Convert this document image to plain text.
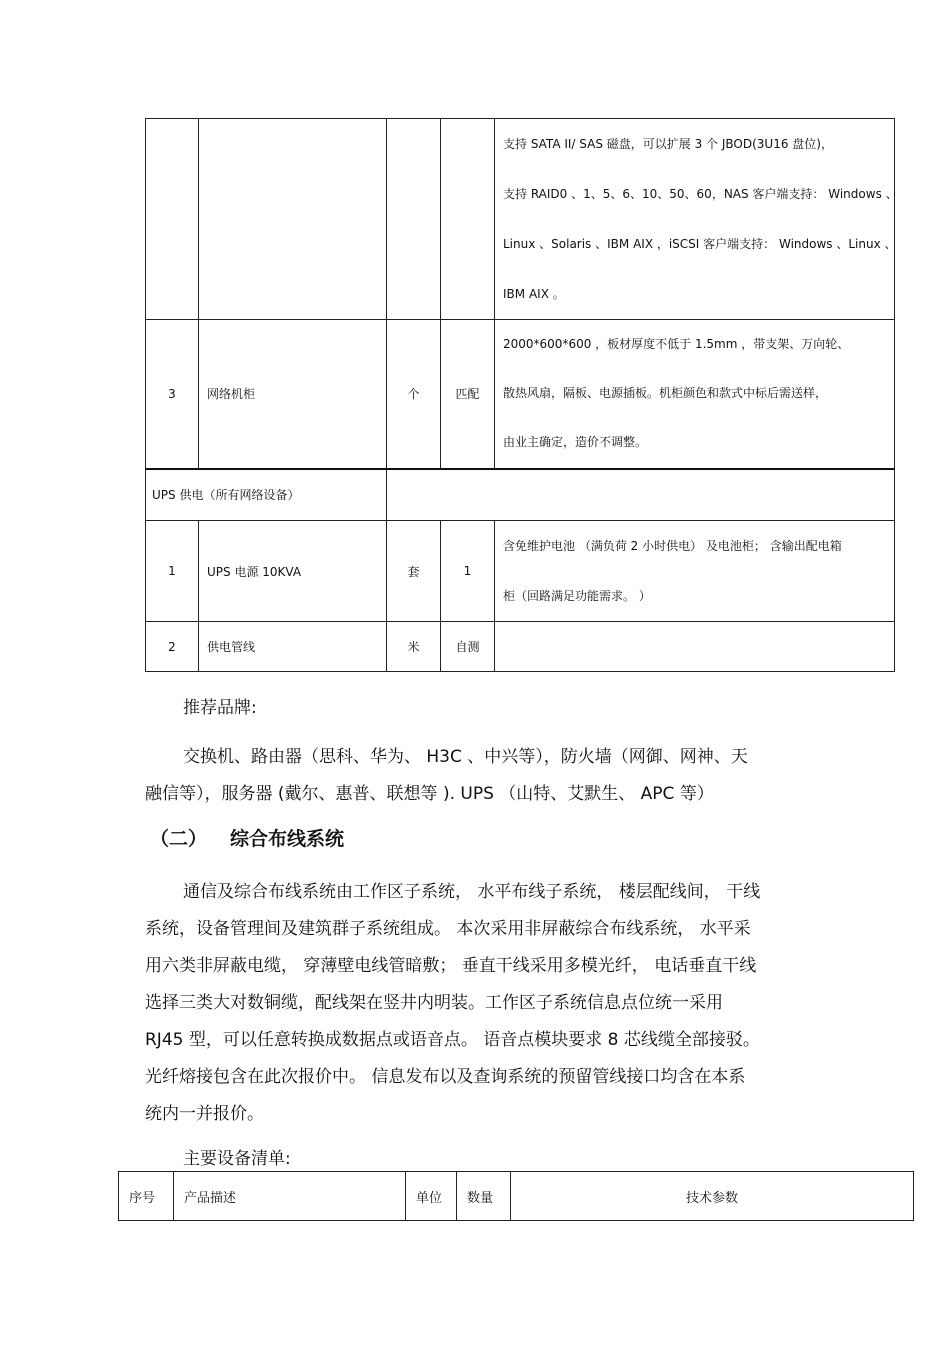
				支持 SATA II/ SAS 磁盘，可以扩展 3 个 JBOD(3U16 盘位)，

支持 RAID0 、1、5、6、10、50、60，NAS 客户端支持： Windows 、

Linux 、Solaris 、IBM AIX ，iSCSI 客户端支持： Windows 、Linux 、

IBM AIX 。

3	网络机柜	个	匹配	2000*600*600 ，板材厚度不低于 1.5mm ，带支架、万向轮、

散热风扇，隔板、电源插板。机柜颜色和款式中标后需送样，

由业主确定，造价不调整。

UPS 供电（所有网络设备）				
1	UPS 电源 10KVA	套	1	含免维护电池 （满负荷 2 小时供电） 及电池柜； 含输出配电箱

柜（回路满足功能需求。 ）

2	供电管线	米	自测	

推荐品牌:

交换机、路由器（思科、华为、 H3C 、中兴等），防火墙（网御、网神、天

融信等），服务器 (戴尔、惠普、联想等 ). UPS （山特、艾默生、 APC 等）

（二） 综合布线系统

通信及综合布线系统由工作区子系统， 水平布线子系统， 楼层配线间， 干线

系统，设备管理间及建筑群子系统组成。 本次采用非屏蔽综合布线系统， 水平采

用六类非屏蔽电缆， 穿薄壁电线管暗敷； 垂直干线采用多模光纤， 电话垂直干线

选择三类大对数铜缆，配线架在竖井内明装。工作区子系统信息点位统一采用

RJ45 型，可以任意转换成数据点或语音点。 语音点模块要求 8 芯线缆全部接驳。

光纤熔接包含在此次报价中。 信息发布以及查询系统的预留管线接口均含在本系

统内一并报价。

主要设备清单:

序号	产品描述	单位	数量	技术参数
